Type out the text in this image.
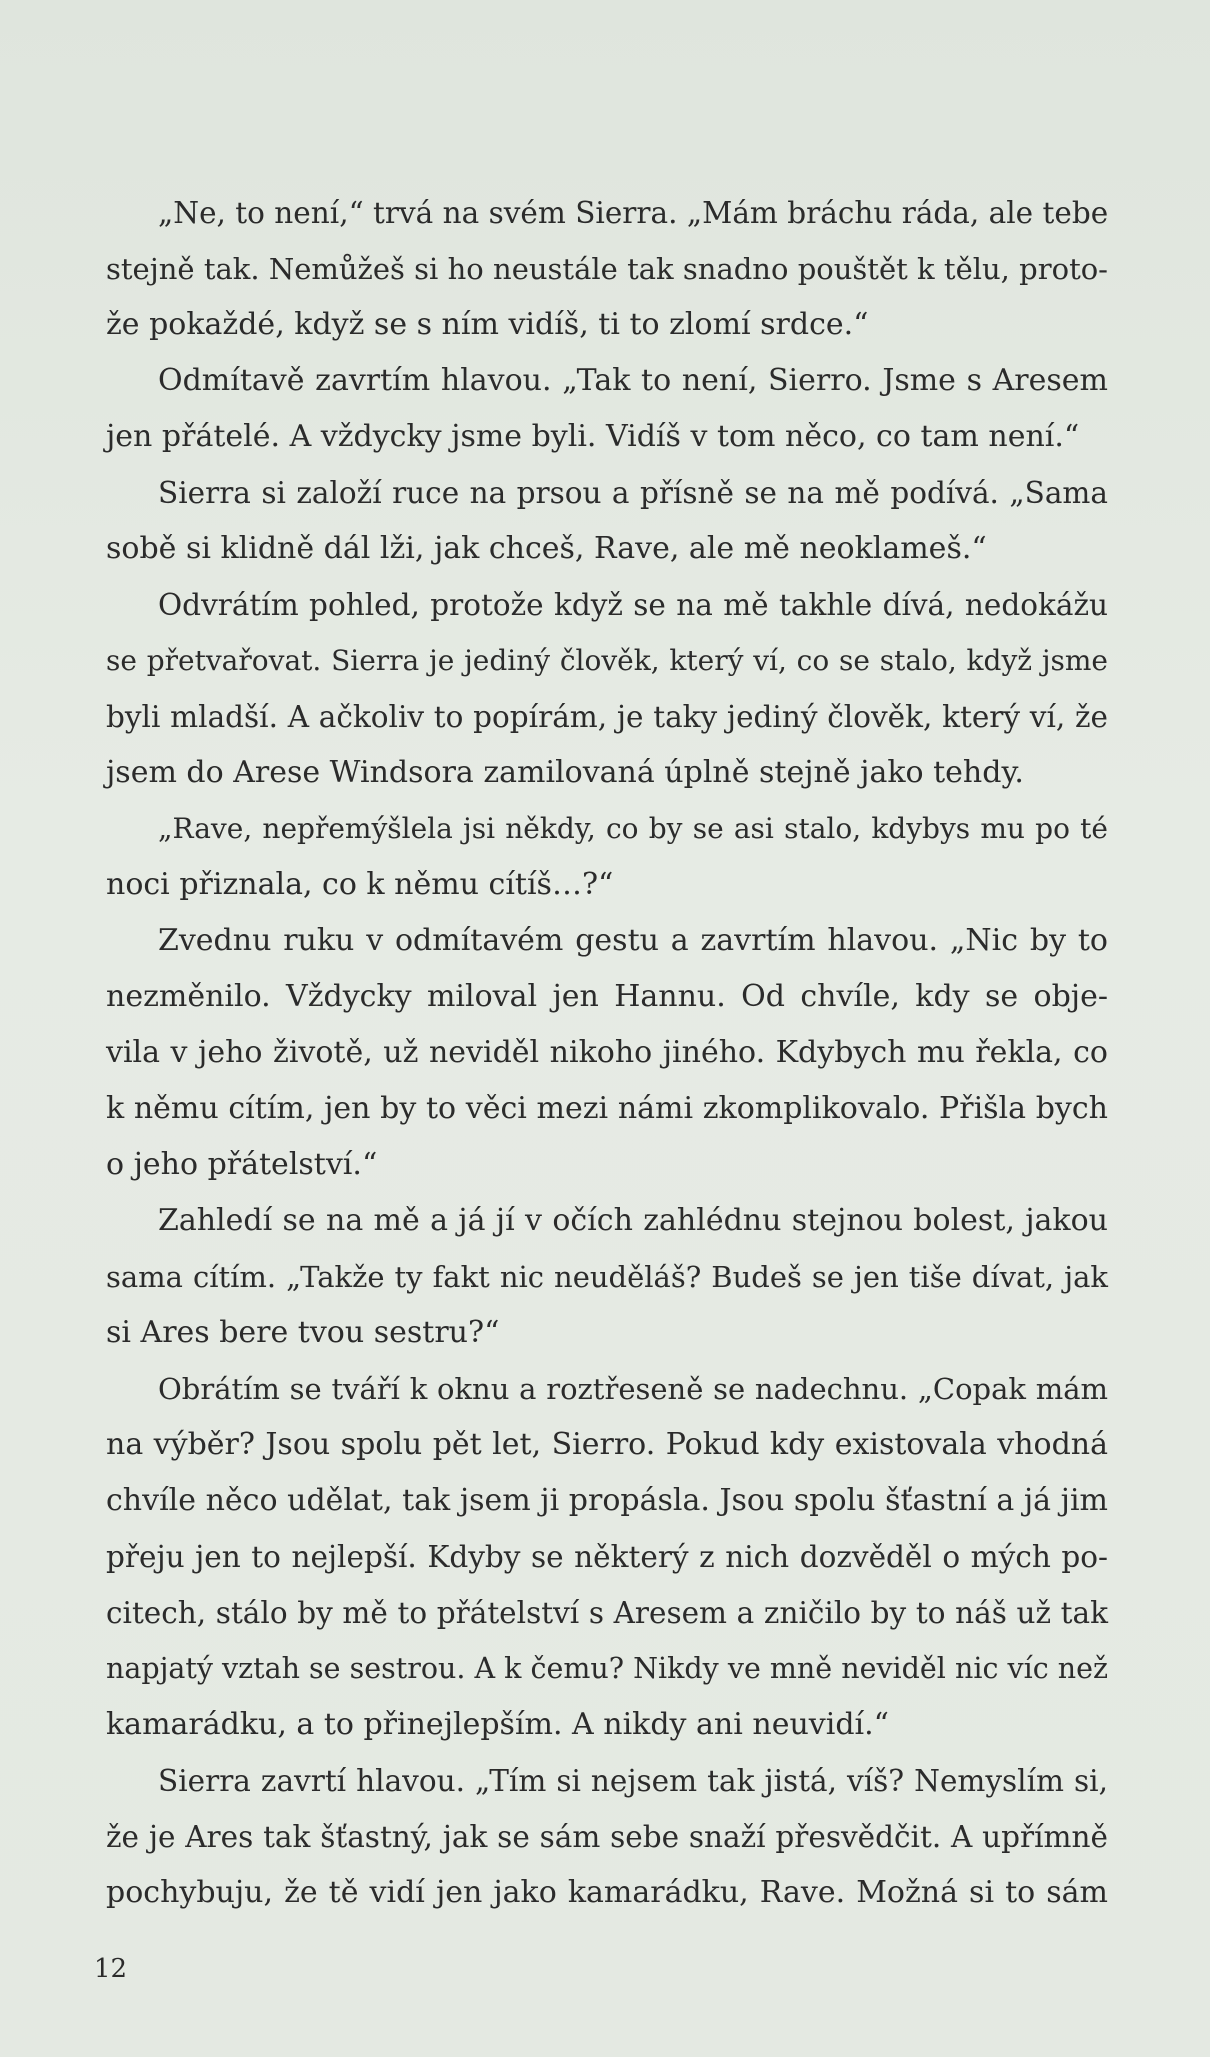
„Ne, to není,“ trvá na svém Sierra. „Mám bráchu ráda, ale tebe
stejně tak. Nemůžeš si ho neustále tak snadno pouštět k tělu, proto-
že pokaždé, když se s ním vidíš, ti to zlomí srdce.“
Odmítavě zavrtím hlavou. „Tak to není, Sierro. Jsme s Aresem
jen přátelé. A vždycky jsme byli. Vidíš v tom něco, co tam není.“
Sierra si založí ruce na prsou a přísně se na mě podívá. „Sama
sobě si klidně dál lži, jak chceš, Rave, ale mě neoklameš.“
Odvrátím pohled, protože když se na mě takhle dívá, nedokážu
se přetvařovat. Sierra je jediný člověk, který ví, co se stalo, když jsme
byli mladší. A ačkoliv to popírám, je taky jediný člověk, který ví, že
jsem do Arese Windsora zamilovaná úplně stejně jako tehdy.
„Rave, nepřemýšlela jsi někdy, co by se asi stalo, kdybys mu po té
noci přiznala, co k němu cítíš…?“
Zvednu ruku v odmítavém gestu a zavrtím hlavou. „Nic by to
nezměnilo. Vždycky miloval jen Hannu. Od chvíle, kdy se obje-
vila v jeho životě, už neviděl nikoho jiného. Kdybych mu řekla, co
k němu cítím, jen by to věci mezi námi zkomplikovalo. Přišla bych
o jeho přátelství.“
Zahledí se na mě a já jí v očích zahlédnu stejnou bolest, jakou
sama cítím. „Takže ty fakt nic neuděláš? Budeš se jen tiše dívat, jak
si Ares bere tvou sestru?“
Obrátím se tváří k oknu a roztřeseně se nadechnu. „Copak mám
na výběr? Jsou spolu pět let, Sierro. Pokud kdy existovala vhodná
chvíle něco udělat, tak jsem ji propásla. Jsou spolu šťastní a já jim
přeju jen to nejlepší. Kdyby se některý z nich dozvěděl o mých po-
citech, stálo by mě to přátelství s Aresem a zničilo by to náš už tak
napjatý vztah se sestrou. A k čemu? Nikdy ve mně neviděl nic víc než
kamarádku, a to přinejlepším. A nikdy ani neuvidí.“
Sierra zavrtí hlavou. „Tím si nejsem tak jistá, víš? Nemyslím si,
že je Ares tak šťastný, jak se sám sebe snaží přesvědčit. A upřímně
pochybuju, že tě vidí jen jako kamarádku, Rave. Možná si to sám
12
